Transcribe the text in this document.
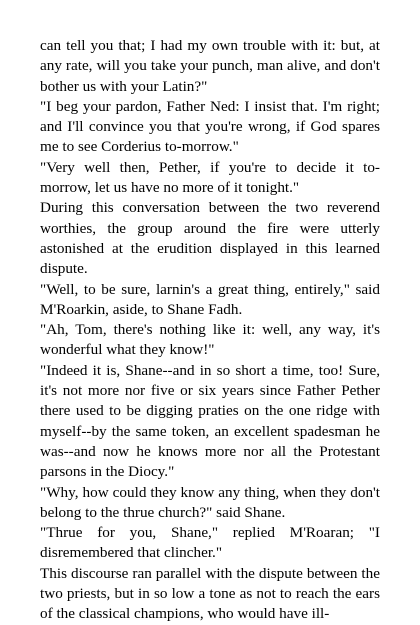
can tell you that; I had my own trouble with it: but, at any rate, will you take your punch, man alive, and don't bother us with your Latin?"

"I beg your pardon, Father Ned: I insist that. I'm right; and I'll convince you that you're wrong, if God spares me to see Corderius to-morrow."

"Very well then, Pether, if you're to decide it to-morrow, let us have no more of it tonight."

During this conversation between the two reverend worthies, the group around the fire were utterly astonished at the erudition displayed in this learned dispute.

"Well, to be sure, larnin's a great thing, entirely," said M'Roarkin, aside, to Shane Fadh.

"Ah, Tom, there's nothing like it: well, any way, it's wonderful what they know!"

"Indeed it is, Shane--and in so short a time, too! Sure, it's not more nor five or six years since Father Pether there used to be digging praties on the one ridge with myself--by the same token, an excellent spadesman he was--and now he knows more nor all the Protestant parsons in the Diocy."

"Why, how could they know any thing, when they don't belong to the thrue church?" said Shane.

"Thrue for you, Shane," replied M'Roaran; "I disremembered that clincher."

This discourse ran parallel with the dispute between the two priests, but in so low a tone as not to reach the ears of the classical champions, who would have ill-
